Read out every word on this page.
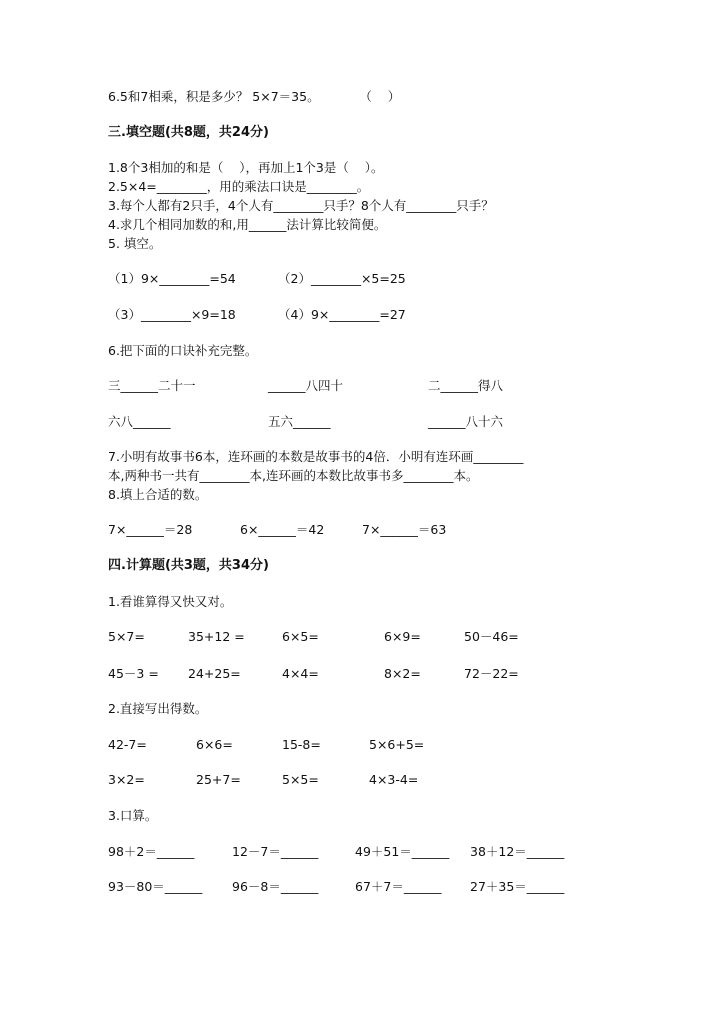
6.5和7相乘，积是多少？ 5×7＝35。          （    ）
三.填空题(共8题，共24分)
1.8个3相加的和是（    ），再加上1个3是（    ）。
2.5×4=________，用的乘法口诀是________。
3.每个人都有2只手，4个人有________只手？8个人有________只手？
4.求几个相同加数的和,用______法计算比较简便。
5. 填空。
（1）9×________=54	（2）________×5=25
（3）________×9=18	（4）9×________=27
6.把下面的口诀补充完整。
三______二十一	______八四十	二______得八
六八______	五六______	______八十六
7.小明有故事书6本，连环画的本数是故事书的4倍．小明有连环画________
本,两种书一共有________本,连环画的本数比故事书多________本。
8.填上合适的数。
7×______＝28	6×______＝42	7×______＝63
四.计算题(共3题，共34分)
1.看谁算得又快又对。
5×7=	35+12 =	6×5=	6×9=	50－46=
45－3 = 24+25=	4×4=	8×2=	72－22=
2.直接写出得数。
42-7=	6×6=	15-8=	5×6+5=
3×2=	25+7=	5×5=	4×3-4=
3.口算。
98＋2＝______	12－7＝______	49＋51＝______ 38＋12＝______
93－80＝______ 96－8＝______	67＋7＝______ 27＋35＝______
